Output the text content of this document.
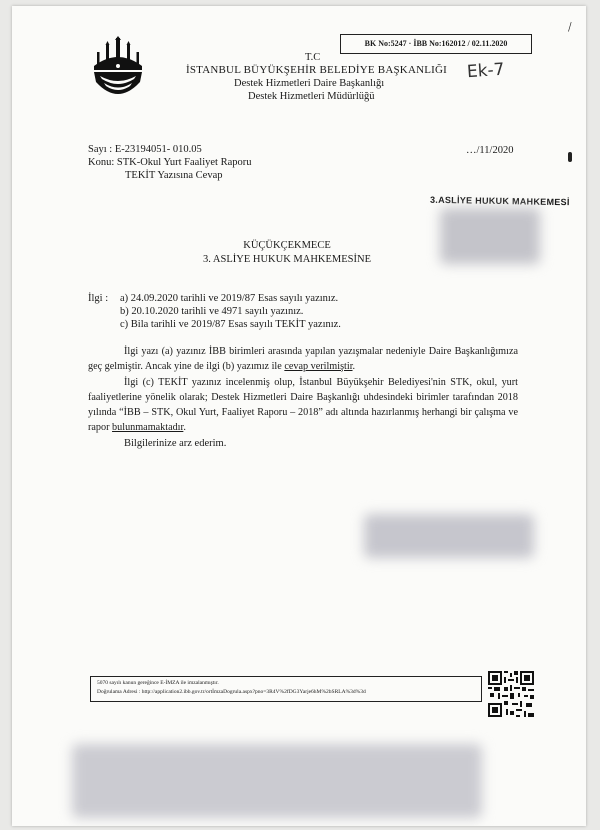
T.C
İSTANBUL BÜYÜKŞEHİR BELEDİYE BAŞKANLIĞI
Destek Hizmetleri Daire Başkanlığı
Destek Hizmetleri Müdürlüğü
BK No:5247 · İBB No:162012 / 02.11.2020
Ek-7
\
Sayı : E-23194051- 010.05
Konu: STK-Okul Yurt Faaliyet Raporu
TEKİT Yazısına Cevap
…/11/2020
3.ASLİYE HUKUK MAHKEMESİ
KÜÇÜKÇEKMECE
3. ASLİYE HUKUK MAHKEMESİNE
İlgi : a) 24.09.2020 tarihli ve 2019/87 Esas sayılı yazınız.
b) 20.10.2020 tarihli ve 4971 sayılı yazınız.
c) Bila tarihli ve 2019/87 Esas sayılı TEKİT yazınız.
İlgi yazı (a) yazınız İBB birimleri arasında yapılan yazışmalar nedeniyle Daire Başkanlığımıza geç gelmiştir. Ancak yine de ilgi (b) yazımız ile cevap verilmiştir.
İlgi (c) TEKİT yazınız incelenmiş olup, İstanbul Büyükşehir Belediyesi'nin STK, okul, yurt faaliyetlerine yönelik olarak; Destek Hizmetleri Daire Başkanlığı uhdesindeki birimler tarafından 2018 yılında “İBB – STK, Okul Yurt, Faaliyet Raporu – 2018” adı altında hazırlanmış herhangi bir çalışma ve rapor bulunmamaktadır.
Bilgilerinize arz ederim.
5070 sayılı kanun gereğince E-İMZA ile imzalanmıştır.
Doğrulama Adresi : http://application2.ibb.gov.tr/ortİmzaDogrula.aspx?pno=3R4V%2fDG3Yarje6hM%2bSRLA%3d%3d
